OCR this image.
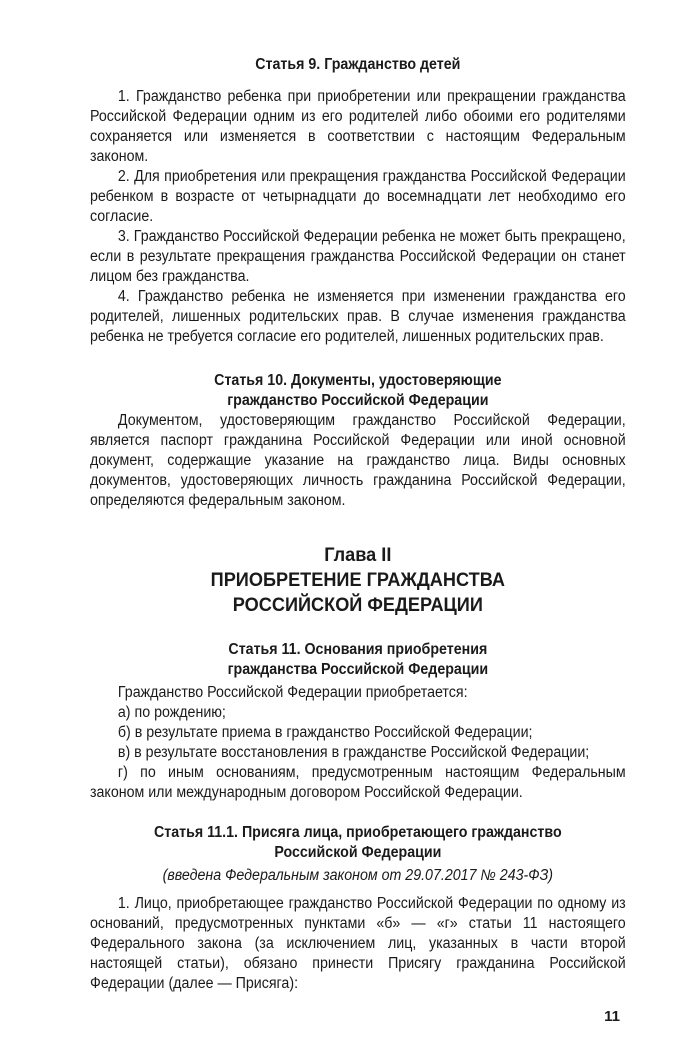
Статья 9. Гражданство детей

1. Гражданство ребенка при приобретении или прекращении гражданства Российской Федерации одним из его родителей либо обоими его родителями сохраняется или изменяется в соответствии с настоящим Федеральным законом.

2. Для приобретения или прекращения гражданства Российской Федерации ребенком в возрасте от четырнадцати до восемнадцати лет необходимо его согласие.

3. Гражданство Российской Федерации ребенка не может быть прекращено, если в результате прекращения гражданства Российской Федерации он станет лицом без гражданства.

4. Гражданство ребенка не изменяется при изменении гражданства его родителей, лишенных родительских прав. В случае изменения гражданства ребенка не требуется согласие его родителей, лишенных родительских прав.

Статья 10. Документы, удостоверяющие
гражданство Российской Федерации

Документом, удостоверяющим гражданство Российской Федерации, является паспорт гражданина Российской Федерации или иной основной документ, содержащие указание на гражданство лица. Виды основных документов, удостоверяющих личность гражданина Российской Федерации, определяются федеральным законом.

Глава II
ПРИОБРЕТЕНИЕ ГРАЖДАНСТВА
РОССИЙСКОЙ ФЕДЕРАЦИИ
Статья 11. Основания приобретения
гражданства Российской Федерации

Гражданство Российской Федерации приобретается:

а) по рождению;

б) в результате приема в гражданство Российской Федерации;

в) в результате восстановления в гражданстве Российской Федерации;

г) по иным основаниям, предусмотренным настоящим Федеральным законом или международным договором Российской Федерации.

Статья 11.1. Присяга лица, приобретающего гражданство
Российской Федерации

(введена Федеральным законом от 29.07.2017 № 243-ФЗ)

1. Лицо, приобретающее гражданство Российской Федерации по одному из оснований, предусмотренных пунктами «б» — «г» статьи 11 настоящего Федерального закона (за исключением лиц, указанных в части второй настоящей статьи), обязано принести Присягу гражданина Российской Федерации (далее — Присяга):

11
